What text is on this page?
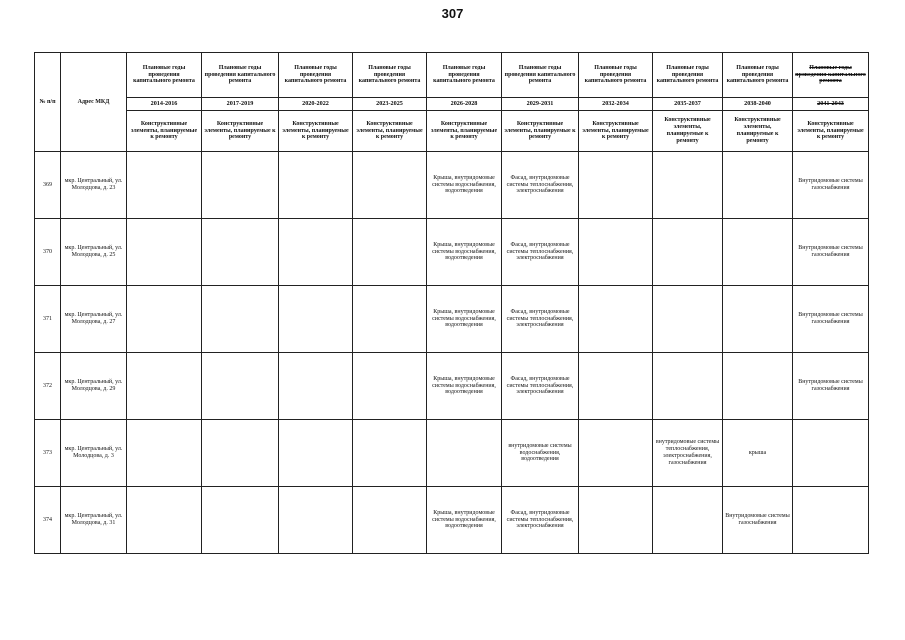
307
№ п/п	Адрес МКД	Плановые годы проведения капитального ремонта	Плановые годы проведения капитального ремонта	Плановые годы проведения капитального ремонта	Плановые годы проведения капитального ремонта	Плановые годы проведения капитального ремонта	Плановые годы проведения капитального ремонта	Плановые годы проведения капитального ремонта	Плановые годы проведения капитального ремонта	Плановые годы проведения капитального ремонта	Плановые годы проведения капитального ремонта
		2014-2016	2017-2019	2020-2022	2023-2025	2026-2028	2029-2031	2032-2034	2035-2037	2038-2040	2041-2043
		Конструктивные элементы, планируемые к ремонту	Конструктивные элементы, планируемые к ремонту	Конструктивные элементы, планируемые к ремонту	Конструктивные элементы, планируемые к ремонту	Конструктивные элементы, планируемые к ремонту	Конструктивные элементы, планируемые к ремонту	Конструктивные элементы, планируемые к ремонту	Конструктивные элементы, планируемые к ремонту	Конструктивные элементы, планируемые к ремонту	Конструктивные элементы, планируемые к ремонту
369	мкр. Центральный, ул. Молодцова, д. 23					Крыша, внутридомовые системы водоснабжения, водоотведения	Фасад, внутридомовые системы теплоснабжения, электроснабжения				Внутридомовые системы газоснабжения
370	мкр. Центральный, ул. Молодцова, д. 25					Крыша, внутридомовые системы водоснабжения, водоотведения	Фасад, внутридомовые системы теплоснабжения, электроснабжения				Внутридомовые системы газоснабжения
371	мкр. Центральный, ул. Молодцова, д. 27					Крыша, внутридомовые системы водоснабжения, водоотведения	Фасад, внутридомовые системы теплоснабжения, электроснабжения				Внутридомовые системы газоснабжения
372	мкр. Центральный, ул. Молодцова, д. 29					Крыша, внутридомовые системы водоснабжения, водоотведения	Фасад, внутридомовые системы теплоснабжения, электроснабжения				Внутридомовые системы газоснабжения
373	мкр. Центральный, ул. Молодцова, д. 3						внутридомовые системы водоснабжения, водоотведения		внутридомовые системы теплоснабжения, электроснабжения, газоснабжения	крыша	
374	мкр. Центральный, ул. Молодцова, д. 31					Крыша, внутридомовые системы водоснабжения, водоотведения	Фасад, внутридомовые системы теплоснабжения, электроснабжения			Внутридомовые системы газоснабжения	
